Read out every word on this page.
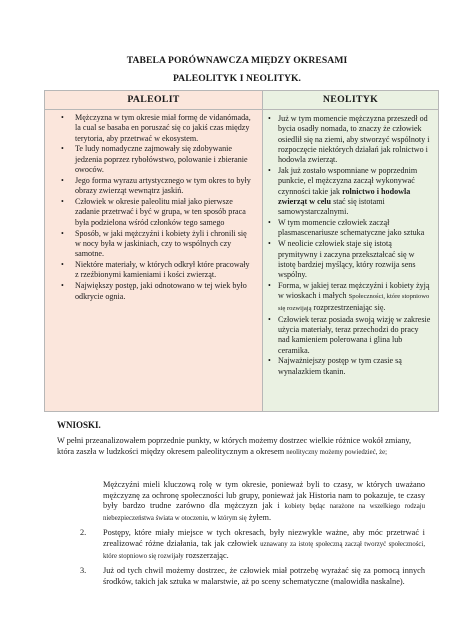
TABELA PORÓWNAWCZA MIĘDZY OKRESAMI
PALEOLITYK I NEOLITYK.
PALEOLIT
• Mężczyzna w tym okresie miał formę de vidanómada, la cual se basaba en poruszać się co jakiś czas między terytoria, aby przetrwać w ekosystem.
• Te ludy nomadyczne zajmowały się zdobywanie jedzenia poprzez rybołówstwo, polowanie i zbieranie owoców.
• Jego forma wyrazu artystycznego w tym okres to były obrazy zwierząt wewnątrz jaskiń.
• Człowiek w okresie paleolitu miał jako pierwsze zadanie przetrwać i być w grupa, w ten sposób praca była podzielona wśród członków tego samego
• Sposób, w jaki mężczyźni i kobiety żyli i chronili się w nocy była w jaskiniach, czy to wspólnych czy samotne.
• Niektóre materiały, w których odkrył które pracowały z rzeźbionymi kamieniami i kości zwierząt.
• Największy postęp, jaki odnotowano w tej wiek było odkrycie ognia.
NEOLITYK
• Już w tym momencie mężczyzna przeszedł od bycia osadły nomada, to znaczy że człowiek osiedlił się na ziemi, aby stworzyć wspólnoty i rozpoczęcie niektórych działań jak rolnictwo i hodowla zwierząt.
• Jak już zostało wspomniane w poprzednim punkcie, el mężczyzna zaczął wykonywać czynności takie jak rolnictwo i hodowla zwierząt w celu stać się istotami samowystarczalnymi.
• W tym momencie człowiek zaczął plasmascenariusze schematyczne jako sztuka
• W neolicie człowiek staje się istotą prymitywny i zaczyna przekształcać się w istotę bardziej myślący, który rozwija sens wspólny.
• Forma, w jakiej teraz mężczyźni i kobiety żyją w wioskach i małych Społeczności, które stopniowo się rozwijają rozprzestrzeniając się.
• Człowiek teraz posiada swoją wizję w zakresie użycia materiały, teraz przechodzi do pracy nad kamieniem polerowana i glina lub ceramika.
• Najważniejszy postęp w tym czasie są wynalazkiem tkanin.
WNIOSKI.
W pełni przeanalizowałem poprzednie punkty, w których możemy dostrzec wielkie różnice wokół zmiany, która zaszła w ludzkości między okresem paleolitycznym a okresem neolityczny możemy powiedzieć, że;
Mężczyźni mieli kluczową rolę w tym okresie, ponieważ byli to czasy, w których uważano mężczyznę za ochronę społeczności lub grupy, ponieważ jak Historia nam to pokazuje, te czasy były bardzo trudne zarówno dla mężczyzn jak i kobiety będąc narażone na wszelkiego rodzaju niebezpieczeństwa świata w otoczeniu, w którym się żyłem.
2. Postępy, które miały miejsce w tych okresach, były niezwykle ważne, aby móc przetrwać i zrealizować różne działania, tak jak człowiek uznawany za istotę społeczną zaczął tworzyć społeczności, które stopniowo się rozwijały rozszerzając.
3. Już od tych chwil możemy dostrzec, że człowiek miał potrzebę wyrażać się za pomocą innych środków, takich jak sztuka w malarstwie, aż po sceny schematyczne (malowidła naskalne).
